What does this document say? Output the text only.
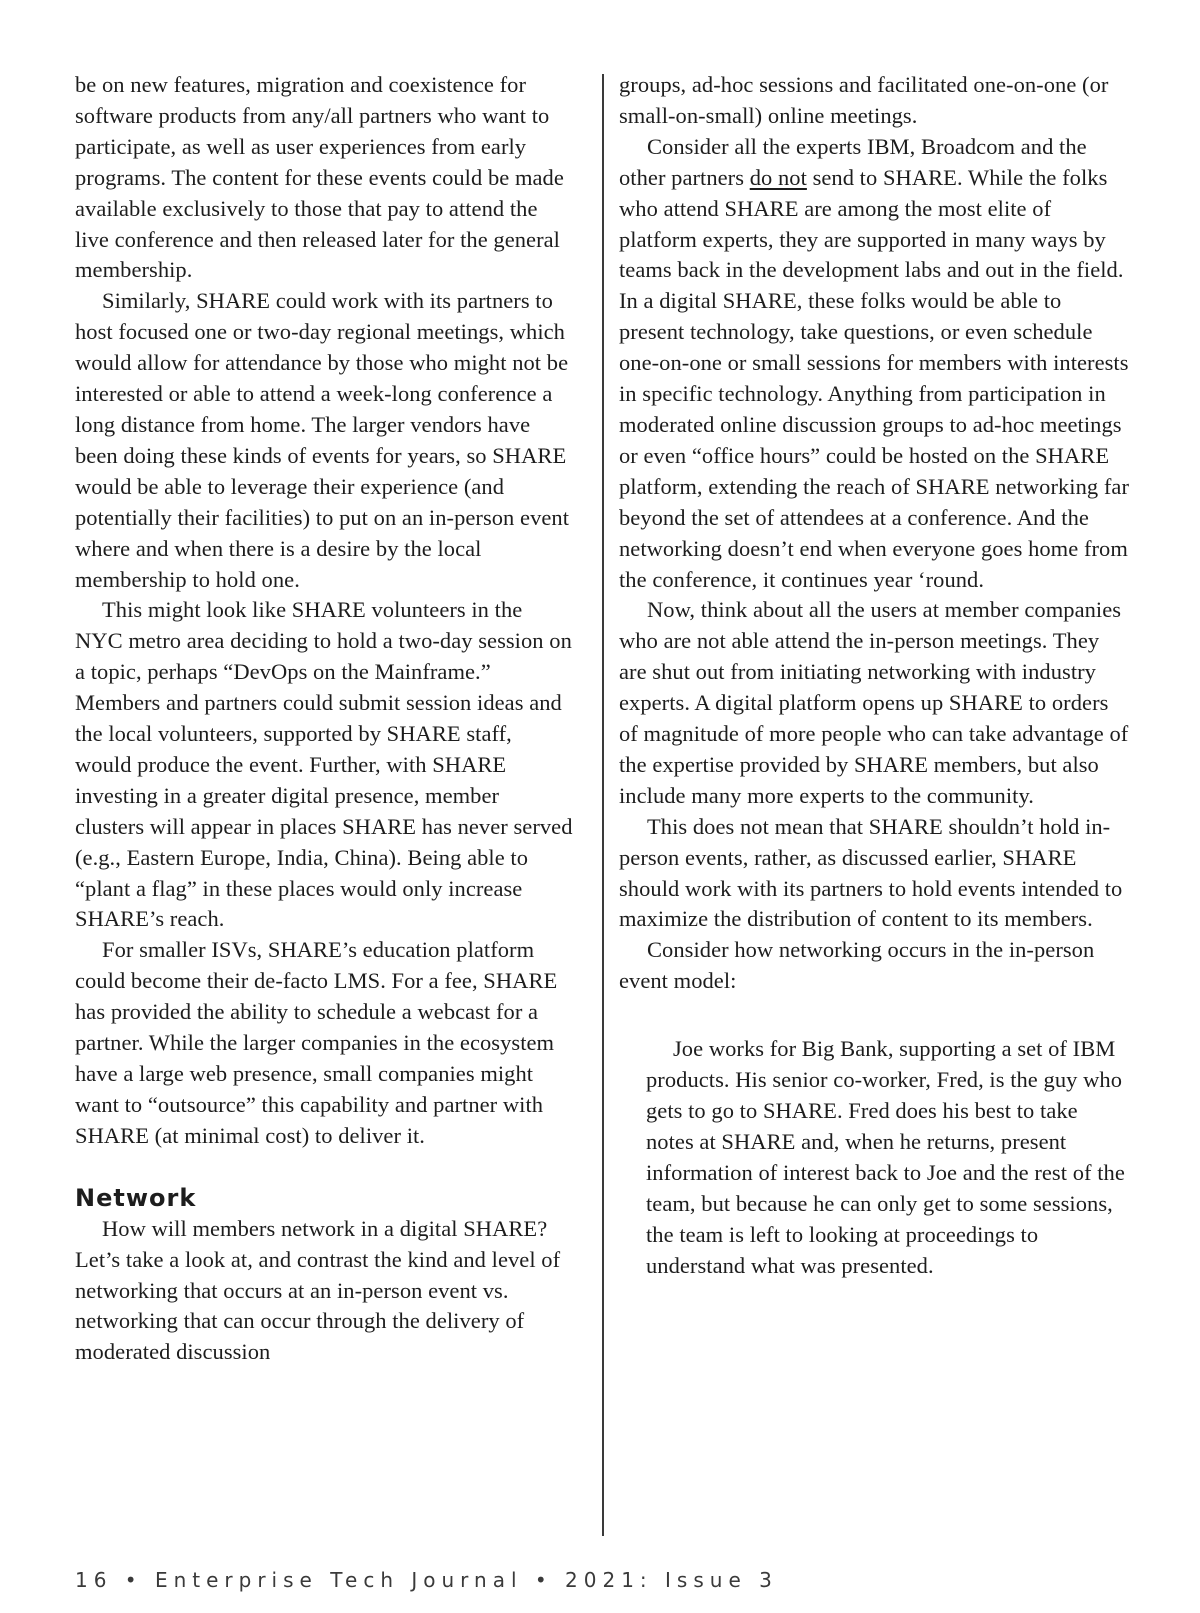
be on new features, migration and coexistence for software products from any/all partners who want to participate, as well as user experiences from early programs. The content for these events could be made available exclusively to those that pay to attend the live conference and then released later for the general membership.

Similarly, SHARE could work with its partners to host focused one or two-day regional meetings, which would allow for attendance by those who might not be interested or able to attend a week-long conference a long distance from home. The larger vendors have been doing these kinds of events for years, so SHARE would be able to leverage their experience (and potentially their facilities) to put on an in-person event where and when there is a desire by the local membership to hold one.

This might look like SHARE volunteers in the NYC metro area deciding to hold a two-day session on a topic, perhaps “DevOps on the Mainframe.” Members and partners could submit session ideas and the local volunteers, supported by SHARE staff, would produce the event. Further, with SHARE investing in a greater digital presence, member clusters will appear in places SHARE has never served (e.g., Eastern Europe, India, China). Being able to “plant a flag” in these places would only increase SHARE’s reach.

For smaller ISVs, SHARE’s education platform could become their de-facto LMS. For a fee, SHARE has provided the ability to schedule a webcast for a partner. While the larger companies in the ecosystem have a large web presence, small companies might want to “outsource” this capability and partner with SHARE (at minimal cost) to deliver it.

Network

How will members network in a digital SHARE? Let’s take a look at, and contrast the kind and level of networking that occurs at an in-person event vs. networking that can occur through the delivery of moderated discussion

groups, ad-hoc sessions and facilitated one-on-one (or small-on-small) online meetings.

Consider all the experts IBM, Broadcom and the other partners do not send to SHARE. While the folks who attend SHARE are among the most elite of platform experts, they are supported in many ways by teams back in the development labs and out in the field. In a digital SHARE, these folks would be able to present technology, take questions, or even schedule one-on-one or small sessions for members with interests in specific technology. Anything from participation in moderated online discussion groups to ad-hoc meetings or even “office hours” could be hosted on the SHARE platform, extending the reach of SHARE networking far beyond the set of attendees at a conference. And the networking doesn’t end when everyone goes home from the conference, it continues year ‘round.

Now, think about all the users at member companies who are not able attend the in-person meetings. They are shut out from initiating networking with industry experts. A digital platform opens up SHARE to orders of magnitude of more people who can take advantage of the expertise provided by SHARE members, but also include many more experts to the community.

This does not mean that SHARE shouldn’t hold in-person events, rather, as discussed earlier, SHARE should work with its partners to hold events intended to maximize the distribution of content to its members.

Consider how networking occurs in the in-person event model:

Joe works for Big Bank, supporting a set of IBM products. His senior co-worker, Fred, is the guy who gets to go to SHARE. Fred does his best to take notes at SHARE and, when he returns, present information of interest back to Joe and the rest of the team, but because he can only get to some sessions, the team is left to looking at proceedings to understand what was presented.

16 • Enterprise Tech Journal • 2021: Issue 3
